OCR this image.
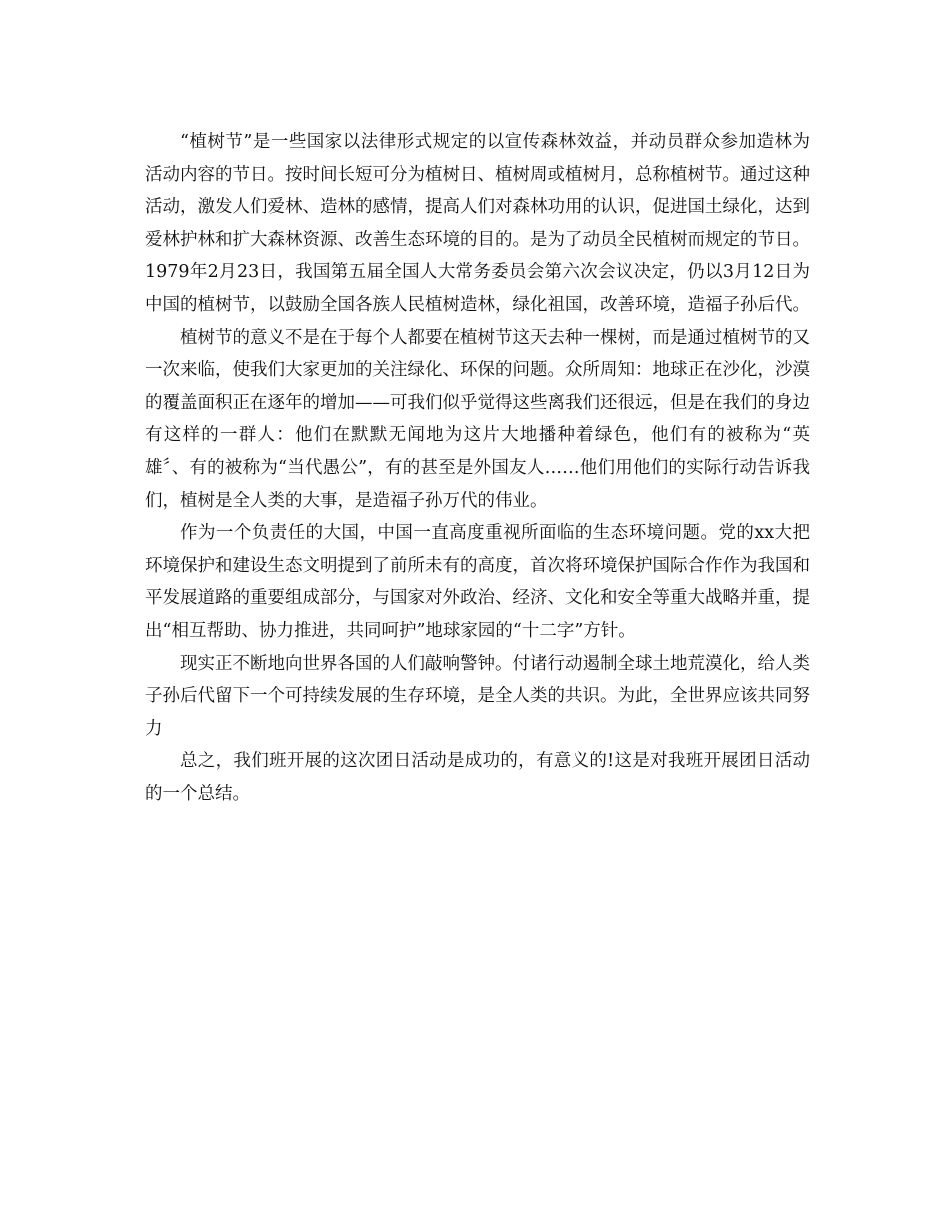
“植树节”是一些国家以法律形式规定的以宣传森林效益，并动员群众参加造林为活动内容的节日。按时间长短可分为植树日、植树周或植树月，总称植树节。通过这种活动，激发人们爱林、造林的感情，提高人们对森林功用的认识，促进国土绿化，达到爱林护林和扩大森林资源、改善生态环境的目的。是为了动员全民植树而规定的节日。1979年2月23日，我国第五届全国人大常务委员会第六次会议决定，仍以3月12日为中国的植树节，以鼓励全国各族人民植树造林，绿化祖国，改善环境，造福子孙后代。

植树节的意义不是在于每个人都要在植树节这天去种一棵树，而是通过植树节的又一次来临，使我们大家更加的关注绿化、环保的问题。众所周知：地球正在沙化，沙漠的覆盖面积正在逐年的增加——可我们似乎觉得这些离我们还很远，但是在我们的身边有这样的一群人：他们在默默无闻地为这片大地播种着绿色，他们有的被称为“英雄〞、有的被称为“当代愚公”，有的甚至是外国友人……他们用他们的实际行动告诉我们，植树是全人类的大事，是造福子孙万代的伟业。

作为一个负责任的大国，中国一直高度重视所面临的生态环境问题。党的xx大把环境保护和建设生态文明提到了前所未有的高度，首次将环境保护国际合作作为我国和平发展道路的重要组成部分，与国家对外政治、经济、文化和安全等重大战略并重，提出“相互帮助、协力推进，共同呵护”地球家园的“十二字”方针。

现实正不断地向世界各国的人们敲响警钟。付诸行动遏制全球土地荒漠化，给人类子孙后代留下一个可持续发展的生存环境，是全人类的共识。为此，全世界应该共同努力

总之，我们班开展的这次团日活动是成功的，有意义的!这是对我班开展团日活动的一个总结。
